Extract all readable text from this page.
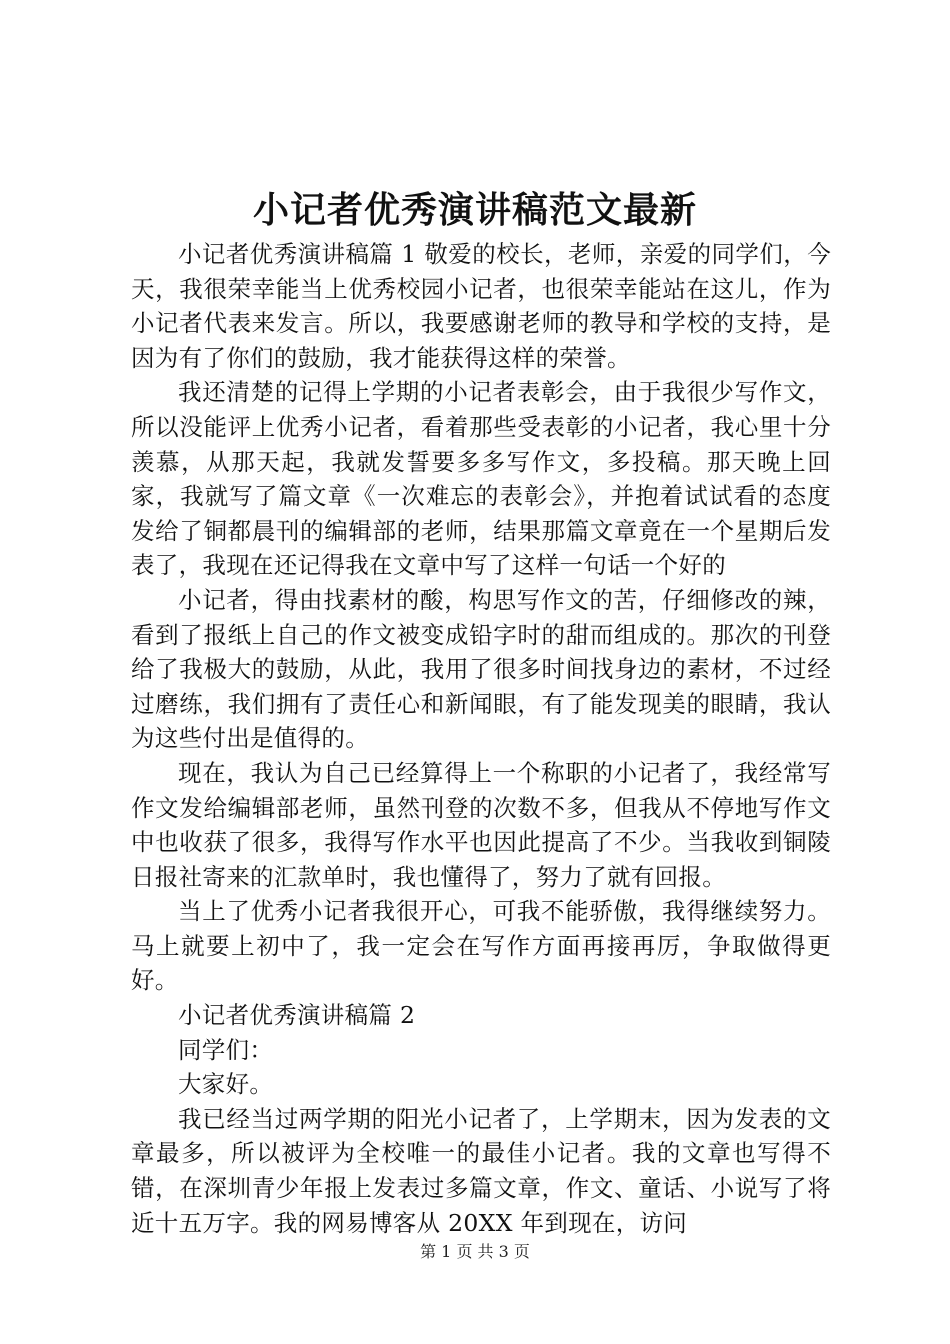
小记者优秀演讲稿范文最新

小记者优秀演讲稿篇 1 敬爱的校长，老师，亲爱的同学们，今天，我很荣幸能当上优秀校园小记者，也很荣幸能站在这儿，作为小记者代表来发言。所以，我要感谢老师的教导和学校的支持，是因为有了你们的鼓励，我才能获得这样的荣誉。

我还清楚的记得上学期的小记者表彰会，由于我很少写作文，所以没能评上优秀小记者，看着那些受表彰的小记者，我心里十分羡慕，从那天起，我就发誓要多多写作文，多投稿。那天晚上回家，我就写了篇文章《一次难忘的表彰会》，并抱着试试看的态度发给了铜都晨刊的编辑部的老师，结果那篇文章竟在一个星期后发表了，我现在还记得我在文章中写了这样一句话一个好的

小记者，得由找素材的酸，构思写作文的苦，仔细修改的辣，看到了报纸上自己的作文被变成铅字时的甜而组成的。那次的刊登给了我极大的鼓励，从此，我用了很多时间找身边的素材，不过经过磨练，我们拥有了责任心和新闻眼，有了能发现美的眼睛，我认为这些付出是值得的。

现在，我认为自己已经算得上一个称职的小记者了，我经常写作文发给编辑部老师，虽然刊登的次数不多，但我从不停地写作文中也收获了很多，我得写作水平也因此提高了不少。当我收到铜陵日报社寄来的汇款单时，我也懂得了，努力了就有回报。

当上了优秀小记者我很开心，可我不能骄傲，我得继续努力。马上就要上初中了，我一定会在写作方面再接再厉，争取做得更好。

小记者优秀演讲稿篇 2

同学们：

大家好。

我已经当过两学期的阳光小记者了，上学期末，因为发表的文章最多，所以被评为全校唯一的最佳小记者。我的文章也写得不错，在深圳青少年报上发表过多篇文章，作文、童话、小说写了将近十五万字。我的网易博客从 20XX 年到现在，访问

第 1 页 共 3 页
